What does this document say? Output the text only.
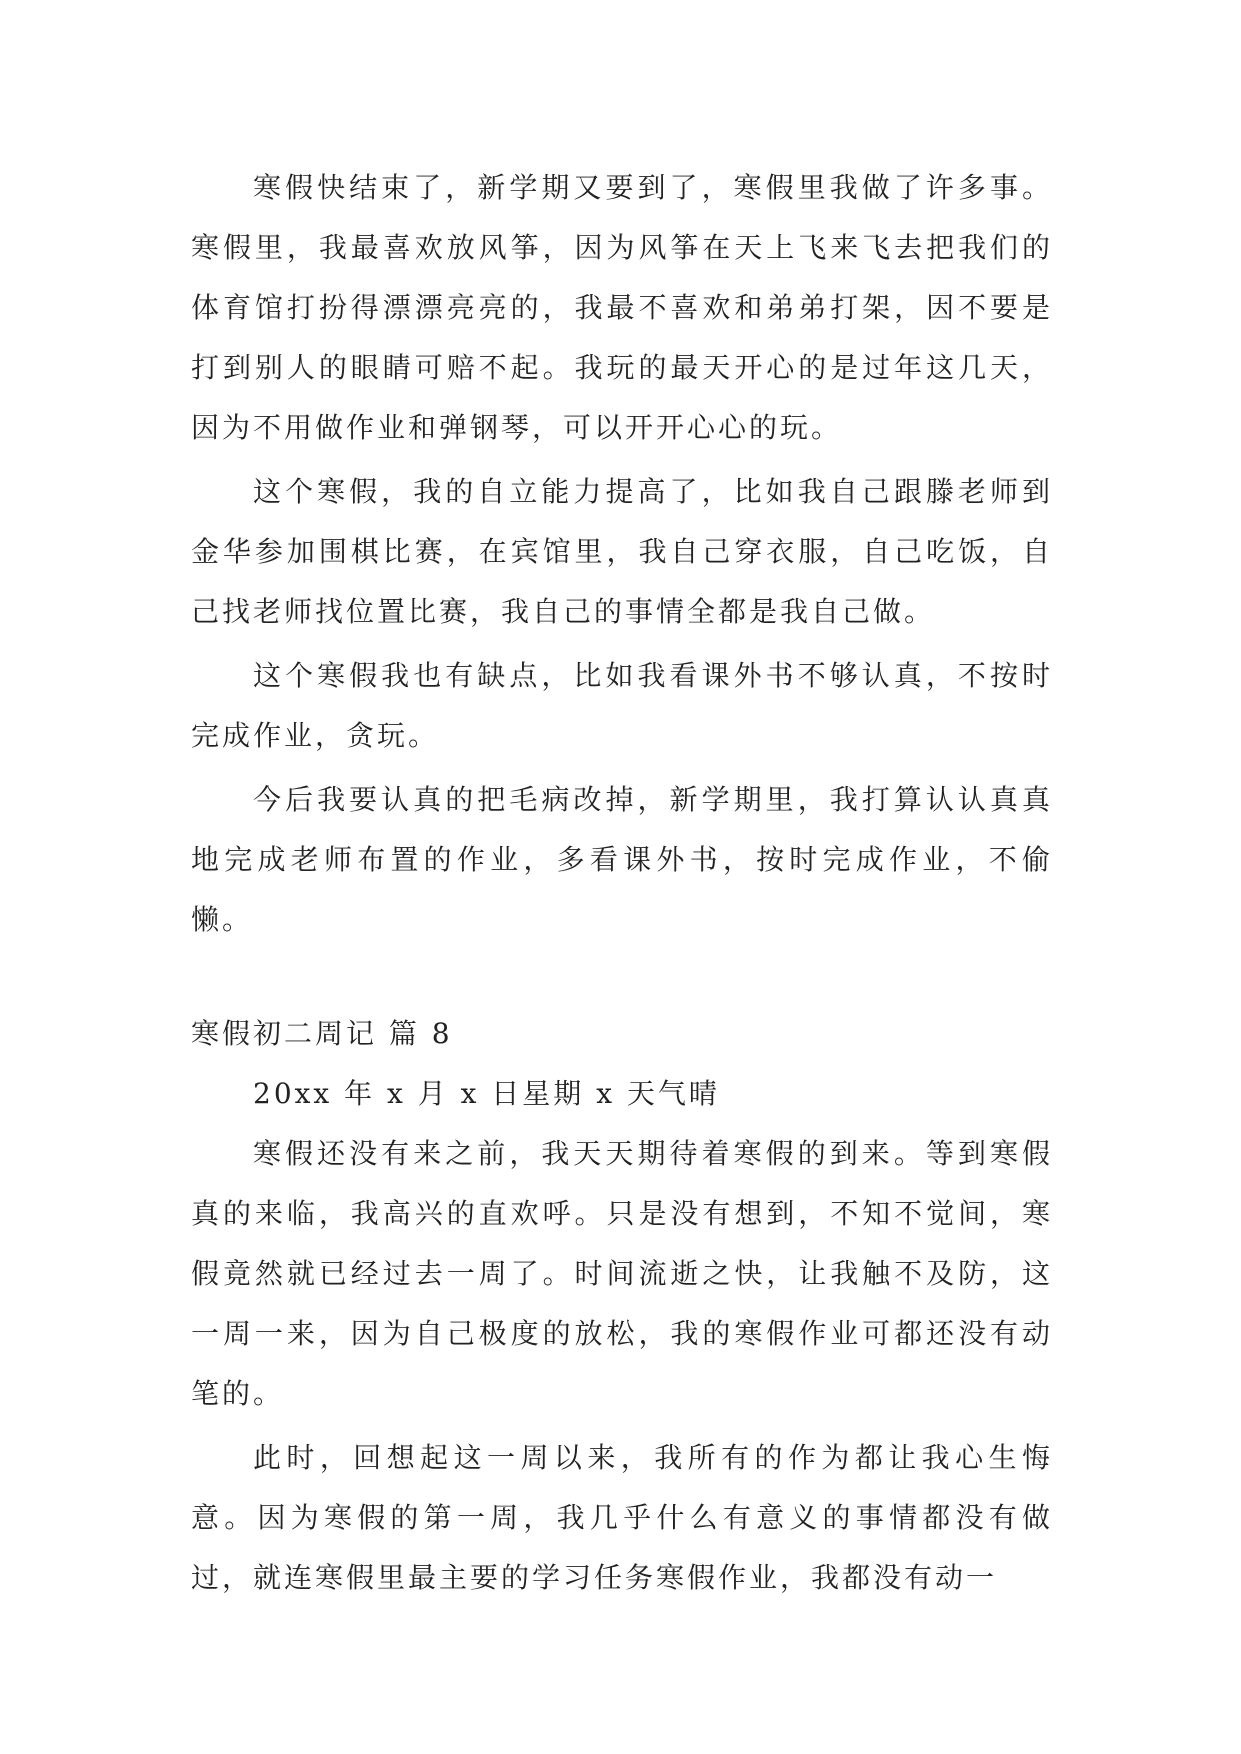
寒假快结束了，新学期又要到了，寒假里我做了许多事。寒假里，我最喜欢放风筝，因为风筝在天上飞来飞去把我们的体育馆打扮得漂漂亮亮的，我最不喜欢和弟弟打架，因不要是打到别人的眼睛可赔不起。我玩的最天开心的是过年这几天，因为不用做作业和弹钢琴，可以开开心心的玩。

这个寒假，我的自立能力提高了，比如我自己跟滕老师到金华参加围棋比赛，在宾馆里，我自己穿衣服，自己吃饭，自己找老师找位置比赛，我自己的事情全都是我自己做。

这个寒假我也有缺点，比如我看课外书不够认真，不按时完成作业，贪玩。

今后我要认真的把毛病改掉，新学期里，我打算认认真真地完成老师布置的作业，多看课外书，按时完成作业，不偷懒。

寒假初二周记 篇 8

20xx 年 x 月 x 日星期 x 天气晴

寒假还没有来之前，我天天期待着寒假的到来。等到寒假真的来临，我高兴的直欢呼。只是没有想到，不知不觉间，寒假竟然就已经过去一周了。时间流逝之快，让我触不及防，这一周一来，因为自己极度的放松，我的寒假作业可都还没有动笔的。

此时，回想起这一周以来，我所有的作为都让我心生悔意。因为寒假的第一周，我几乎什么有意义的事情都没有做过，就连寒假里最主要的学习任务寒假作业，我都没有动一
